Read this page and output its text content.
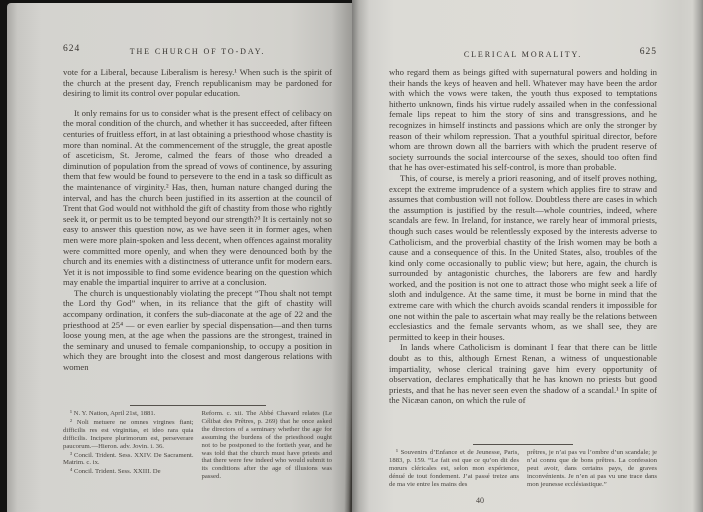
624	THE CHURCH OF TO-DAY.

vote for a Liberal, because Liberalism is heresy.¹ When such is the spirit of the church at the present day, French republicanism may be pardoned for desiring to limit its control over popular education.

It only remains for us to consider what is the present effect of celibacy on the moral condition of the church, and whether it has succeeded, after fifteen centuries of fruitless effort, in at last obtaining a priesthood whose chastity is more than nominal. At the commencement of the struggle, the great apostle of asceticism, St. Jerome, calmed the fears of those who dreaded a diminution of population from the spread of vows of continence, by assuring them that few would be found to persevere to the end in a task so difficult as the maintenance of virginity.² Has, then, human nature changed during the interval, and has the church been justified in its assertion at the council of Trent that God would not withhold the gift of chastity from those who rightly seek it, or permit us to be tempted beyond our strength?³ It is certainly not so easy to answer this question now, as we have seen it in former ages, when men were more plain-spoken and less decent, when offences against morality were committed more openly, and when they were denounced both by the church and its enemies with a distinctness of utterance unfit for modern ears. Yet it is not impossible to find some evidence bearing on the question which may enable the impartial inquirer to arrive at a conclusion.

The church is unquestionably violating the precept “Thou shalt not tempt the Lord thy God” when, in its reliance that the gift of chastity will accompany ordination, it confers the sub-diaconate at the age of 22 and the priesthood at 25⁴ — or even earlier by special dispensation—and then turns loose young men, at the age when the passions are the strongest, trained in the seminary and unused to female companionship, to occupy a position in which they are brought into the closest and most dangerous relations with women

¹ N. Y. Nation, April 21st, 1881.

² Noli metuere ne omnes virgines fiant; difficilis res est virginitas, et ideo rara quia difficilis. Incipere plurimorum est, perseverare paucorum.—Hieron. adv. Jovin. i. 36.

³ Concil. Trident. Sess. XXIV. De Sacrament. Matrim. c. ix.

⁴ Concil. Trident. Sess. XXIII. De

Reform. c. xii. The Abbé Chavard relates (Le Célibat des Prêtres, p. 269) that he once asked the directors of a seminary whether the age for assuming the burdens of the priesthood ought not to be postponed to the fortieth year, and he was told that the church must have priests and that there were few indeed who would submit to its conditions after the age of illusions was passed.

CLERICAL MORALITY.	625

who regard them as beings gifted with supernatural powers and holding in their hands the keys of heaven and hell. Whatever may have been the ardor with which the vows were taken, the youth thus exposed to temptations hitherto unknown, finds his virtue rudely assailed when in the confessional female lips repeat to him the story of sins and transgressions, and he recognizes in himself instincts and passions which are only the stronger by reason of their whilom repression. That a youthful spiritual director, before whom are thrown down all the barriers with which the prudent reserve of society surrounds the social intercourse of the sexes, should too often find that he has over-estimated his self-control, is more than probable.

This, of course, is merely a priori reasoning, and of itself proves nothing, except the extreme imprudence of a system which applies fire to straw and assumes that combustion will not follow. Doubtless there are cases in which the assumption is justified by the result—whole countries, indeed, where scandals are few. In Ireland, for instance, we rarely hear of immoral priests, though such cases would be relentlessly exposed by the interests adverse to Catholicism, and the proverbial chastity of the Irish women may be both a cause and a consequence of this. In the United States, also, troubles of the kind only come occasionally to public view; but here, again, the church is surrounded by antagonistic churches, the laborers are few and hardly worked, and the position is not one to attract those who might seek a life of sloth and indulgence. At the same time, it must be borne in mind that the extreme care with which the church avoids scandal renders it impossible for one not within the pale to ascertain what may really be the relations between ecclesiastics and the female servants whom, as we shall see, they are permitted to keep in their houses.

In lands where Catholicism is dominant I fear that there can be little doubt as to this, although Ernest Renan, a witness of unquestionable impartiality, whose clerical training gave him every opportunity of observation, declares emphatically that he has known no priests but good priests, and that he has never seen even the shadow of a scandal.¹ In spite of the Nicæan canon, on which the rule of

¹ Souvenirs d’Enfance et de Jeunesse, Paris, 1883, p. 159. “Le fait est que ce qu’on dit des mœurs cléricales est, selon mon expérience, dénué de tout fondement. J’ai passé treize ans de ma vie entre les mains des

prêtres, je n’ai pas vu l’ombre d’un scandale; je n’ai connu que de bons prêtres. La confession peut avoir, dans certains pays, de graves inconvénients. Je n’en ai pas vu une trace dans mon jeunesse ecclésiastique.”

40
